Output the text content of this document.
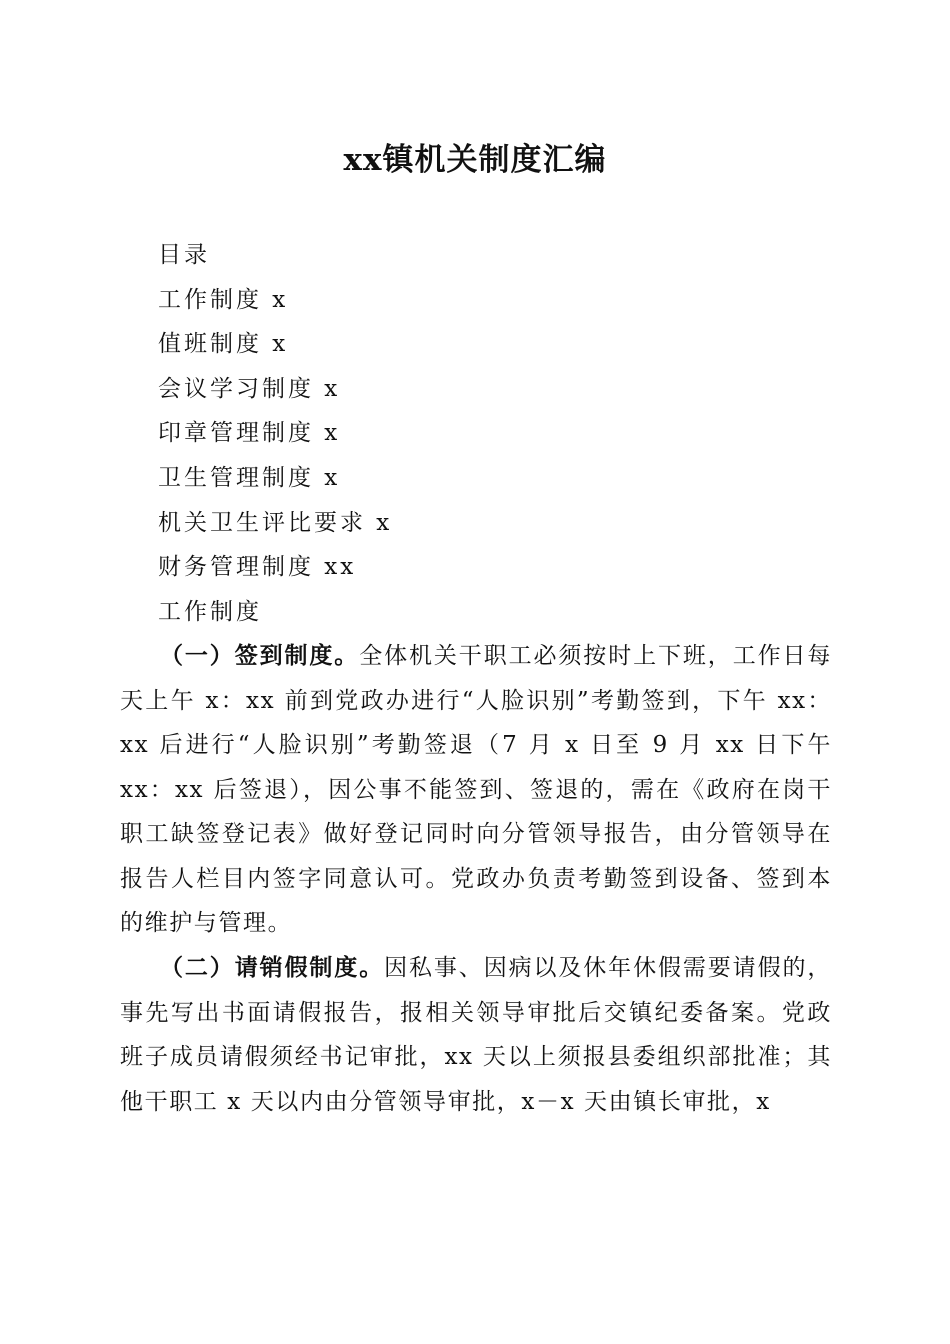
xx镇机关制度汇编
目录
工作制度 x
值班制度 x
会议学习制度 x
印章管理制度 x
卫生管理制度 x
机关卫生评比要求 x
财务管理制度 xx
工作制度

（一）签到制度。全体机关干职工必须按时上下班，工作日每天上午 x：xx 前到党政办进行“人脸识别”考勤签到，下午 xx：xx 后进行“人脸识别”考勤签退（7 月 x 日至 9 月 xx 日下午 xx：xx 后签退），因公事不能签到、签退的，需在《政府在岗干职工缺签登记表》做好登记同时向分管领导报告，由分管领导在报告人栏目内签字同意认可。党政办负责考勤签到设备、签到本的维护与管理。

（二）请销假制度。因私事、因病以及休年休假需要请假的，事先写出书面请假报告，报相关领导审批后交镇纪委备案。党政班子成员请假须经书记审批，xx 天以上须报县委组织部批准；其他干职工 x 天以内由分管领导审批，x－x 天由镇长审批，x
